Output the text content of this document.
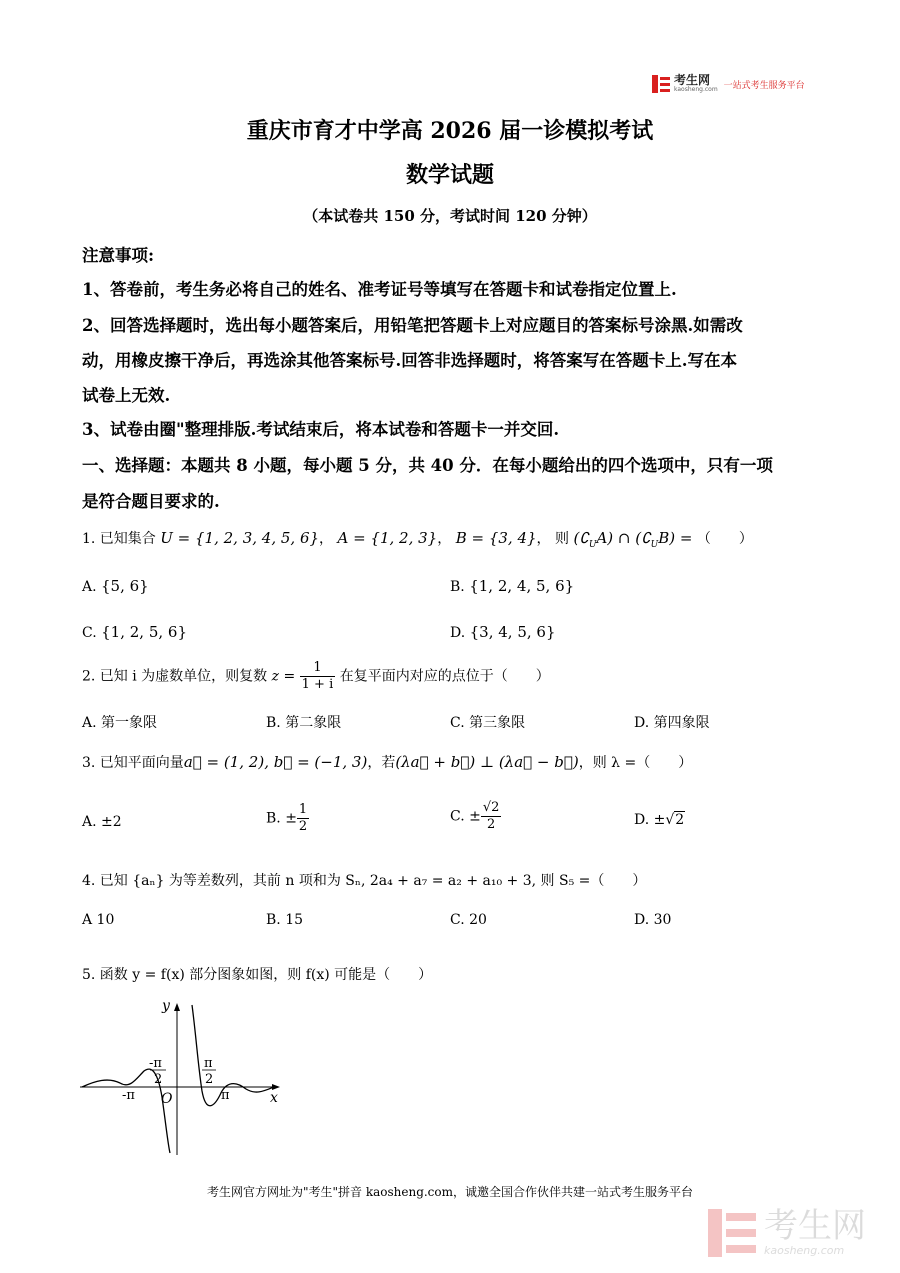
考生网
kaosheng.com 一站式考生服务平台
重庆市育才中学高 2026 届一诊模拟考试
数学试题
（本试卷共 150 分，考试时间 120 分钟）
注意事项:
1、答卷前，考生务必将自己的姓名、准考证号等填写在答题卡和试卷指定位置上.
2、回答选择题时，选出每小题答案后，用铅笔把答题卡上对应题目的答案标号涂黑.如需改
动，用橡皮擦干净后，再选涂其他答案标号.回答非选择题时，将答案写在答题卡上.写在本
试卷上无效.
3、试卷由圈"整理排版.考试结束后，将本试卷和答题卡一并交回.
一、选择题：本题共 8 小题，每小题 5 分，共 40 分．在每小题给出的四个选项中，只有一项
是符合题目要求的.
1. 已知集合 U = {1, 2, 3, 4, 5, 6}， A = {1, 2, 3}， B = {3, 4}， 则 $(∁_UA)$ ∩ $(∁_UB)$ = （　　）
A. {5, 6}	B. {1, 2, 4, 5, 6}
C. {1, 2, 5, 6}	D. {3, 4, 5, 6}
2. 已知 i 为虚数单位，则复数 $z = \frac{1}{1 + i}$ 在复平面内对应的点位于（　　）
A. 第一象限	B. 第二象限	C. 第三象限	D. 第四象限
3. 已知平面向量a⃗ = (1, 2), b⃗ = (−1, 3)，若(λa⃗ + b⃗) ⊥ (λa⃗ − b⃗)，则 λ =（　　）
A. ±2	B. ± $\frac{1}{2}$	C. ± $\frac{√2}{2}$	D. ±√2
4. 已知 {aₙ} 为等差数列，其前 n 项和为 Sₙ, 2a₄ + a₇ = a₂ + a₁₀ + 3, 则 S₅ =（　　）
A 10	B. 15	C. 20	D. 30
5. 函数 y = f(x) 部分图象如图，则 f(x) 可能是（　　）
y
x
O
-π	π
-π
2
π
2
考生网官方网址为"考生"拼音 kaosheng.com，诚邀全国合作伙伴共建一站式考生服务平台
考生网
kaosheng.com
